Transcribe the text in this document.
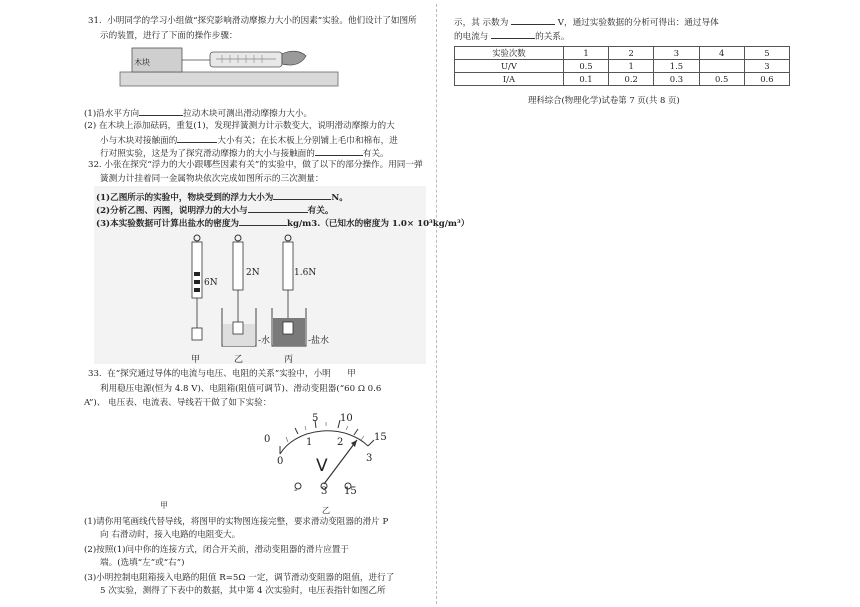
31. 小明同学的学习小组做“探究影响滑动摩擦力大小的因素”实验。他们设计了如图所
示的装置，进行了下面的操作步骤：
木块
(1)沿水平方向	拉动木块可测出滑动摩擦力大小。
(2) 在木块上添加砝码，重复(1)，发现拌簧测力计示数变大，说明滑动摩擦力的大
小与木块对接触面的	大小有关；在长木板上分别铺上毛巾和棉布，进
行对照实验，这是为了探究滑动摩擦力的大小与接触面的	有关。
32. 小张在探究“浮力的大小跟哪些因素有关”的实验中，做了以下的部分操作。用同一弹
簧测力计挂着同一金属物块依次完成如图所示的三次测量：
(1)乙图所示的实验中，物块受到的浮力大小为	N。
(2)分析乙图、丙图，说明浮力的大小与	有关。
(3)本实验数据可计算出盐水的密度为	kg/m3.（已知水的密度为 1.0× 10³kg/m³）
6N
2N	1.6N
-水	-盐水
甲	乙	丙
33. 在“探究通过导体的电流与电压、电阻的关系”实验中，小明 甲
利用稳压电源(恒为 4.8 V)、电阻箱(阻值可调节)、滑动变阻器(“60 Ω 0.6
A”)、 电压表、电流表、导线若干做了如下实验：
0
5 10
15
0
1 2
3
V
- 3 15
甲
乙
(1)请你用笔画线代替导线，将图甲的实物图连接完整，要求滑动变阻器的滑片 P
向 右滑动时，接入电路的电阻变大。
(2)按照(1)问中你的连接方式，闭合开关前，滑动变阻器的滑片应置于
端。(选填“左”或“右”)
(3)小明控制电阻箱接入电路的阻值 R=5Ω 一定，调节滑动变阻器的阻值，进行了
5 次实验，测得了下表中的数据，其中第 4 次实验时，电压表指针如图乙所
示，其 示数为	V，通过实验数据的分析可得出：通过导体
的电流与	的关系。
实验次数	1	2	3	4	5
U/V	0.5	1	1.5		3
I/A	0.1	0.2	0.3	0.5	0.6
理科综合(物理化学)试卷第 7 页(共 8 页)
